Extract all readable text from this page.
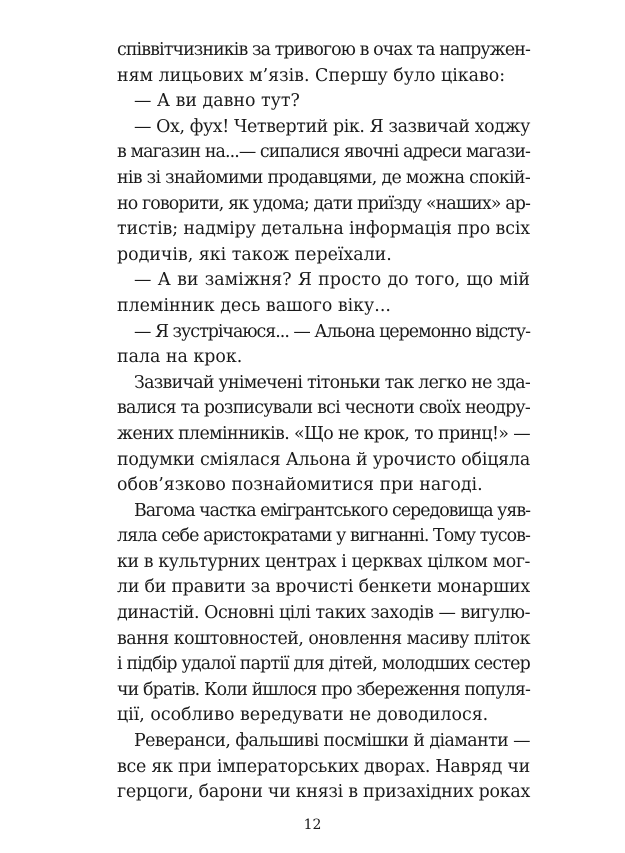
співвітчизників за тривогою в очах та напружен-
ням лицьових м’язів. Спершу було цікаво:
— А ви давно тут?
— Ох, фух! Четвертий рік. Я зазвичай ходжу
в магазин на...— сипалися явочні адреси магази-
нів зі знайомими продавцями, де можна спокій-
но говорити, як удома; дати приїзду «наших» ар-
тистів; надміру детальна інформація про всіх
родичів, які також переїхали.
— А ви заміжня? Я просто до того, що мій
племінник десь вашого віку...
— Я зустрічаюся... — Альона церемонно відсту-
пала на крок.
Зазвичай унімечені тітоньки так легко не зда-
валися та розписували всі чесноти своїх неодру-
жених племінників. «Що не крок, то принц!» —
подумки сміялася Альона й урочисто обіцяла
обов’язково познайомитися при нагоді.
Вагома частка емігрантського середовища уяв-
ляла себе аристократами у вигнанні. Тому тусов-
ки в культурних центрах і церквах цілком мог-
ли би правити за врочисті бенкети монарших
династій. Основні цілі таких заходів — вигулю-
вання коштовностей, оновлення масиву пліток
і підбір удалої партії для дітей, молодших сестер
чи братів. Коли йшлося про збереження популя-
ції, особливо вередувати не доводилося.
Реверанси, фальшиві посмішки й діаманти —
все як при імператорських дворах. Навряд чи
герцоги, барони чи князі в призахідних роках
12
